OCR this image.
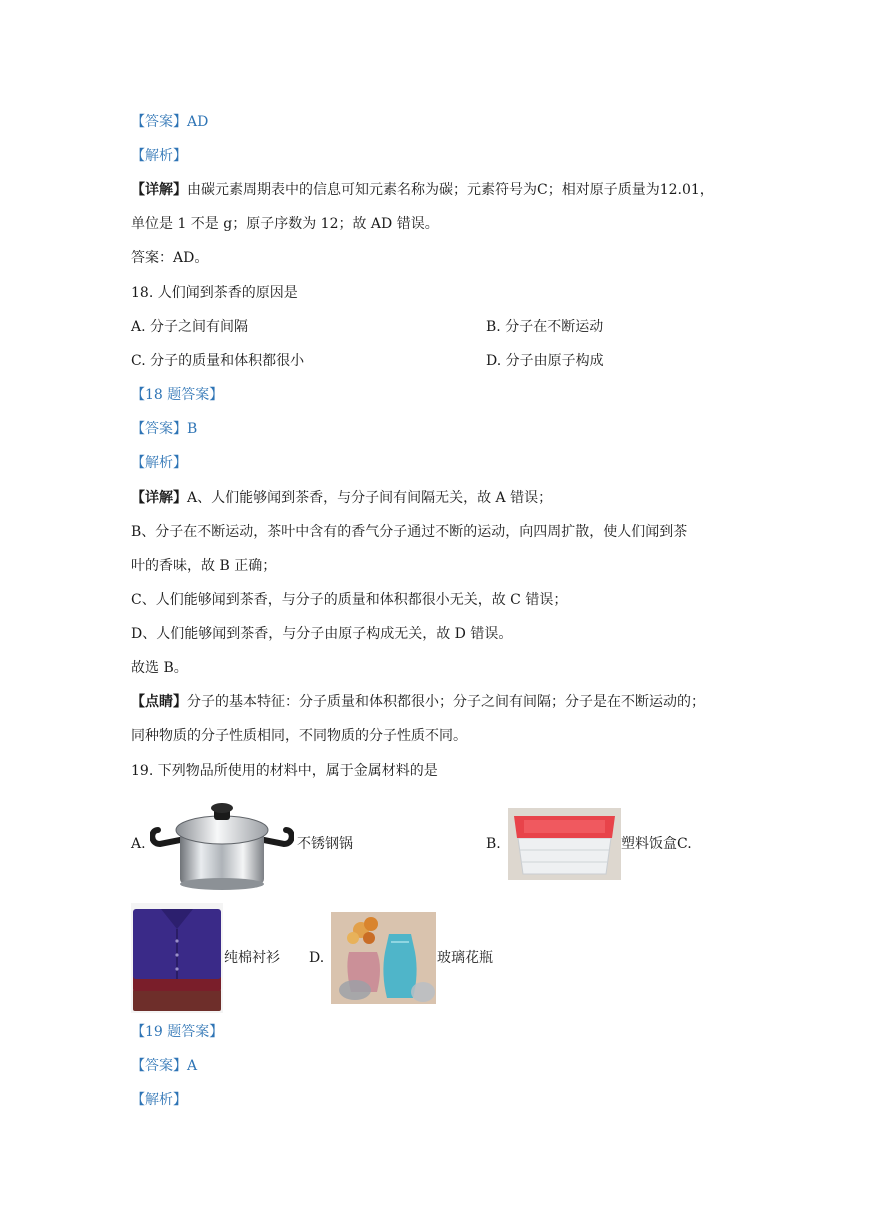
【答案】AD
【解析】
【详解】由碳元素周期表中的信息可知元素名称为碳；元素符号为C；相对原子质量为12.01，
单位是 1 不是 g；原子序数为 12；故 AD 错误。
答案：AD。
18. 人们闻到茶香的原因是
A. 分子之间有间隔	B. 分子在不断运动
C. 分子的质量和体积都很小	D. 分子由原子构成
【18 题答案】
【答案】B
【解析】
【详解】A、人们能够闻到茶香，与分子间有间隔无关，故 A 错误；
B、分子在不断运动，茶叶中含有的香气分子通过不断的运动，向四周扩散，使人们闻到茶
叶的香味，故 B 正确；
C、人们能够闻到茶香，与分子的质量和体积都很小无关，故 C 错误；
D、人们能够闻到茶香，与分子由原子构成无关，故 D 错误。
故选 B。
【点睛】分子的基本特征：分子质量和体积都很小；分子之间有间隔；分子是在不断运动的；
同种物质的分子性质相同，不同物质的分子性质不同。
19. 下列物品所使用的材料中，属于金属材料的是
A.	不锈钢锅	B.	塑料饭盒C.
纯棉衬衫 D.	玻璃花瓶
【19 题答案】
【答案】A
【解析】
